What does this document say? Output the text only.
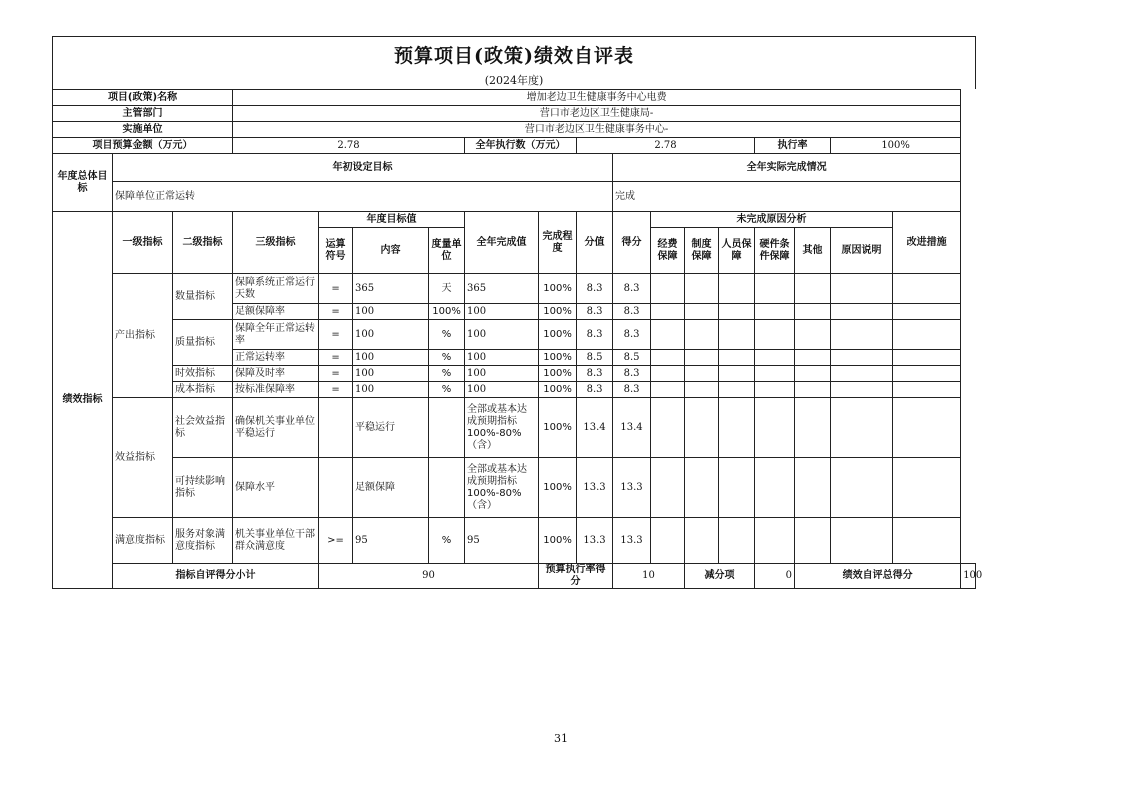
预算项目(政策)绩效自评表
(2024年度)
项目(政策)名称			增加老边卫生健康事务中心电费															
主管部门			营口市老边区卫生健康局-															
实施单位			营口市老边区卫生健康事务中心-															
项目预算金额（万元）			2.78				全年执行数（万元）		2.78					执行率		100%		
年度总体目标	年初设定目标									全年实际完成情况								
	保障单位正常运转									完成								
绩效指标	一级指标	二级指标	三级指标	年度目标值			全年完成值	完成程度	分值	得分	未完成原因分析						改进措施	
				运算符号	内容	度量单位					经费保障	制度保障	人员保障	硬件条件保障	其他	原因说明		
	产出指标	数量指标	保障系统正常运行天数	=	365	天	365	100%	8.3	8.3								
			足额保障率	=	100	100%	100	100%	8.3	8.3								
		质量指标	保障全年正常运转率	=	100	%	100	100%	8.3	8.3								
			正常运转率	=	100	%	100	100%	8.5	8.5								
		时效指标	保障及时率	=	100	%	100	100%	8.3	8.3								
		成本指标	按标准保障率	=	100	%	100	100%	8.3	8.3								
	效益指标	社会效益指标	确保机关事业单位平稳运行		平稳运行		全部或基本达成预期指标100%-80%（含）	100%	13.4	13.4								
		可持续影响指标	保障水平		足额保障		全部或基本达成预期指标100%-80%（含）	100%	13.3	13.3								
	满意度指标	服务对象满意度指标	机关事业单位干部群众满意度	>=	95	%	95	100%	13.3	13.3								
	指标自评得分小计			90				预算执行率得分		10		减分项		0	绩效自评总得分			100
31
